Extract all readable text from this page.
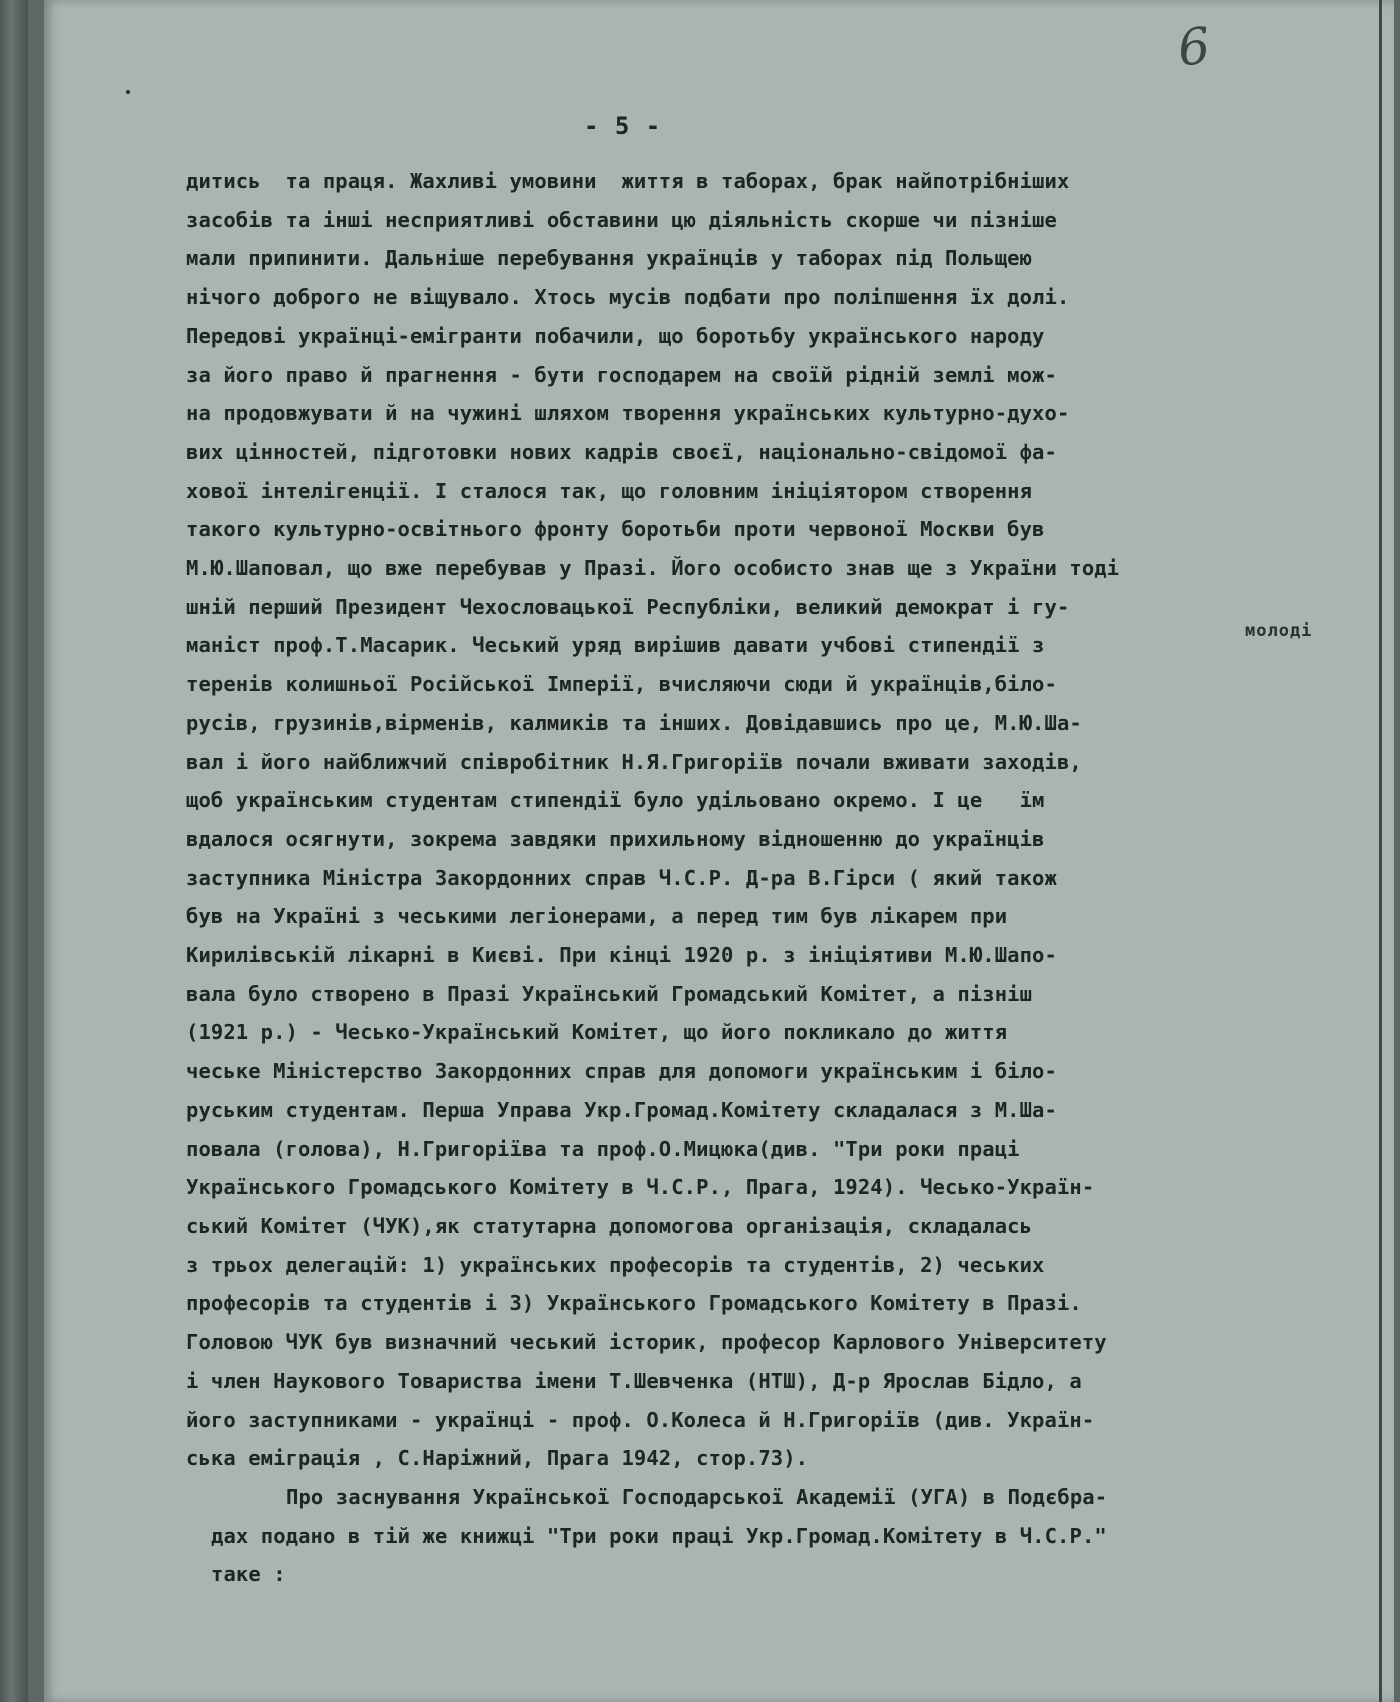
6

- 5 -

дитись  та праця. Жахливі умовини  життя в таборах, брак найпотрібніших
засобів та інші несприятливі обставини цю діяльність скорше чи пізніше
мали припинити. Дальніше перебування українців у таборах під Польщею
нічого доброго не віщувало. Хтось мусів подбати про поліпшення їх долі.
Передові українці-емігранти побачили, що боротьбу українського народу
за його право й прагнення - бути господарем на своїй рідній землі мож-
на продовжувати й на чужині шляхом творення українських культурно-духо-
вих цінностей, підготовки нових кадрів своєї, національно-свідомої фа-
хової інтелігенції. І сталося так, що головним ініціятором створення
такого культурно-освітнього фронту боротьби проти червоної Москви був
М.Ю.Шаповал, що вже перебував у Празі. Його особисто знав ще з України тоді
шній перший Президент Чехословацької Республіки, великий демократ і гу-
маніст проф.Т.Масарик. Чеський уряд вирішив давати учбові стипендії з
теренів колишньої Російської Імперії, вчисляючи сюди й українців,біло-
русів, грузинів,вірменів, калмиків та інших. Довідавшись про це, М.Ю.Ша-
вал і його найближчий співробітник Н.Я.Григоріїв почали вживати заходів,
щоб українським студентам стипендії було удільовано окремо. І це   їм
вдалося осягнути, зокрема завдяки прихильному відношенню до українців
заступника Міністра Закордонних справ Ч.С.Р. Д-ра В.Гірси ( який також
був на Україні з чеськими легіонерами, а перед тим був лікарем при
Кирилівській лікарні в Києві. При кінці 1920 р. з ініціятиви М.Ю.Шапо-
вала було створено в Празі Український Громадський Комітет, а пізніш
(1921 р.) - Чесько-Український Комітет, що його покликало до життя
чеське Міністерство Закордонних справ для допомоги українським і біло-
руським студентам. Перша Управа Укр.Громад.Комітету складалася з М.Ша-
повала (голова), Н.Григоріїва та проф.О.Мицюка(див. "Три роки праці
Українського Громадського Комітету в Ч.С.Р., Прага, 1924). Чесько-Україн-
ський Комітет (ЧУК),як статутарна допомогова організація, складалась
з трьох делегацій: 1) українських професорів та студентів, 2) чеських
професорів та студентів і 3) Українського Громадського Комітету в Празі.
Головою ЧУК був визначний чеський історик, професор Карлового Університету
і член Наукового Товариства імени Т.Шевченка (НТШ), Д-р Ярослав Бідло, а
його заступниками - українці - проф. О.Колеса й Н.Григоріїв (див. Україн-
ська еміграція , С.Наріжний, Прага 1942, стор.73).
Про заснування Української Господарської Академії (УГА) в Подєбра-
дах подано в тій же книжці "Три роки праці Укр.Громад.Комітету в Ч.С.Р."
таке :

молоді
